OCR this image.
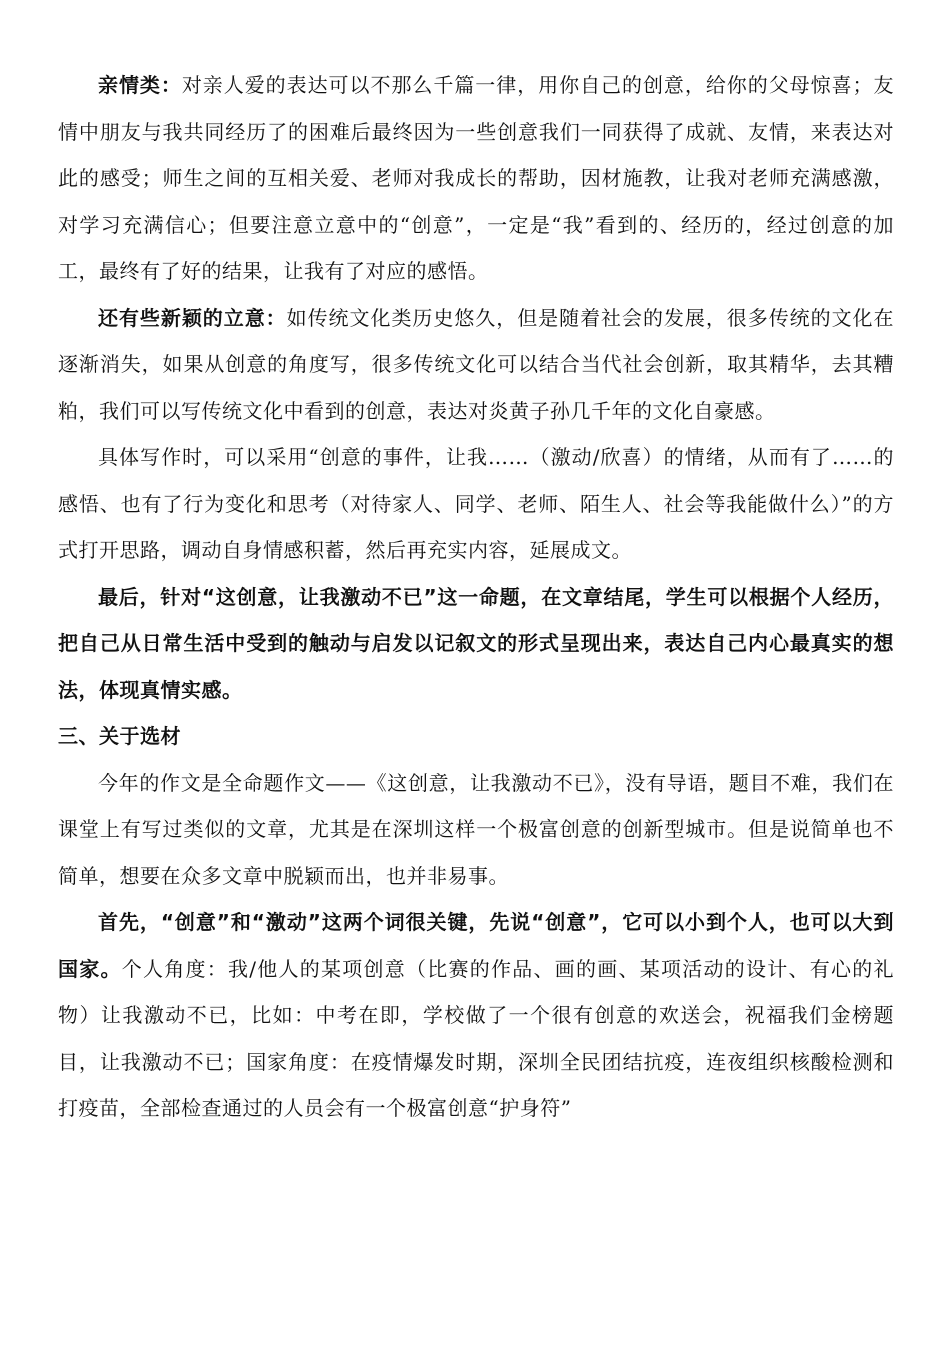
亲情类：对亲人爱的表达可以不那么千篇一律，用你自己的创意，给你的父母惊喜；友情中朋友与我共同经历了的困难后最终因为一些创意我们一同获得了成就、友情，来表达对此的感受；师生之间的互相关爱、老师对我成长的帮助，因材施教，让我对老师充满感激，对学习充满信心；但要注意立意中的“创意”，一定是“我”看到的、经历的，经过创意的加工，最终有了好的结果，让我有了对应的感悟。

还有些新颖的立意：如传统文化类历史悠久，但是随着社会的发展，很多传统的文化在逐渐消失，如果从创意的角度写，很多传统文化可以结合当代社会创新，取其精华，去其糟粕，我们可以写传统文化中看到的创意，表达对炎黄子孙几千年的文化自豪感。

具体写作时，可以采用“创意的事件，让我……（激动/欣喜）的情绪，从而有了……的感悟、也有了行为变化和思考（对待家人、同学、老师、陌生人、社会等我能做什么）”的方式打开思路，调动自身情感积蓄，然后再充实内容，延展成文。

最后，针对“这创意，让我激动不已”这一命题，在文章结尾，学生可以根据个人经历，把自己从日常生活中受到的触动与启发以记叙文的形式呈现出来，表达自己内心最真实的想法，体现真情实感。

三、关于选材

今年的作文是全命题作文——《这创意，让我激动不已》，没有导语，题目不难，我们在课堂上有写过类似的文章，尤其是在深圳这样一个极富创意的创新型城市。但是说简单也不简单，想要在众多文章中脱颖而出，也并非易事。

首先，“创意”和“激动”这两个词很关键，先说“创意”，它可以小到个人，也可以大到国家。个人角度：我/他人的某项创意（比赛的作品、画的画、某项活动的设计、有心的礼物）让我激动不已，比如：中考在即，学校做了一个很有创意的欢送会，祝福我们金榜题目，让我激动不已；国家角度：在疫情爆发时期，深圳全民团结抗疫，连夜组织核酸检测和打疫苗，全部检查通过的人员会有一个极富创意“护身符”
